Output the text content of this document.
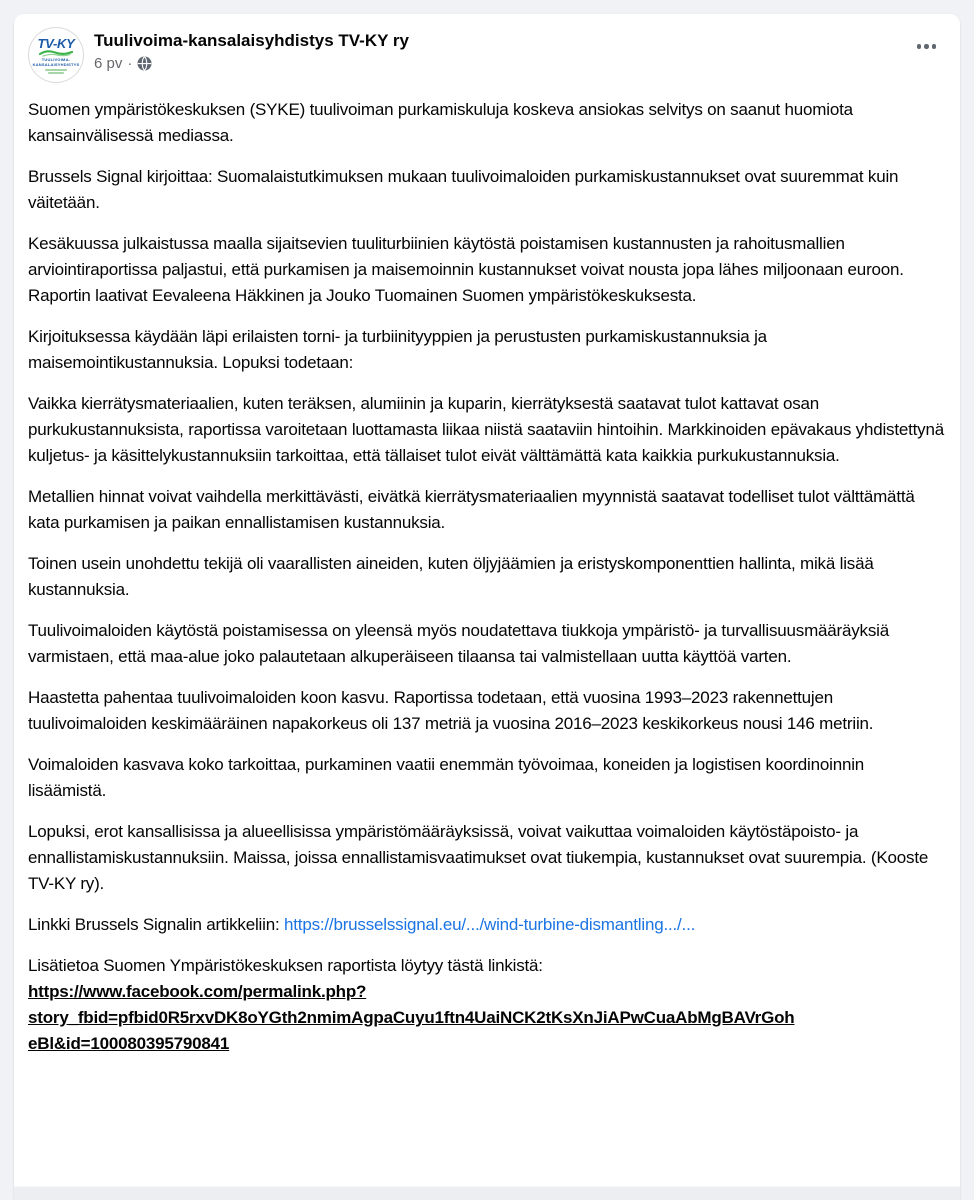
TV-KY
TUULIVOIMA-
KANSALAISYHDISTYS
Tuulivoima-kansalaisyhdistys TV-KY ry
6 pv ·

Suomen ympäristökeskuksen (SYKE) tuulivoiman purkamiskuluja koskeva ansiokas selvitys on saanut huomiota kansainvälisessä mediassa.

Brussels Signal kirjoittaa: Suomalaistutkimuksen mukaan tuulivoimaloiden purkamiskustannukset ovat suuremmat kuin väitetään.

Kesäkuussa julkaistussa maalla sijaitsevien tuuliturbiinien käytöstä poistamisen kustannusten ja rahoitusmallien arviointiraportissa paljastui, että purkamisen ja maisemoinnin kustannukset voivat nousta jopa lähes miljoonaan euroon. Raportin laativat Eevaleena Häkkinen ja Jouko Tuomainen Suomen ympäristökeskuksesta.

Kirjoituksessa käydään läpi erilaisten torni- ja turbiinityyppien ja perustusten purkamiskustannuksia ja maisemointikustannuksia. Lopuksi todetaan:

Vaikka kierrätysmateriaalien, kuten teräksen, alumiinin ja kuparin, kierrätyksestä saatavat tulot kattavat osan purkukustannuksista, raportissa varoitetaan luottamasta liikaa niistä saataviin hintoihin. Markkinoiden epävakaus yhdistettynä kuljetus- ja käsittelykustannuksiin tarkoittaa, että tällaiset tulot eivät välttämättä kata kaikkia purkukustannuksia.

Metallien hinnat voivat vaihdella merkittävästi, eivätkä kierrätysmateriaalien myynnistä saatavat todelliset tulot välttämättä kata purkamisen ja paikan ennallistamisen kustannuksia.

Toinen usein unohdettu tekijä oli vaarallisten aineiden, kuten öljyjäämien ja eristyskomponenttien hallinta, mikä lisää kustannuksia.

Tuulivoimaloiden käytöstä poistamisessa on yleensä myös noudatettava tiukkoja ympäristö- ja turvallisuusmääräyksiä varmistaen, että maa-alue joko palautetaan alkuperäiseen tilaansa tai valmistellaan uutta käyttöä varten.

Haastetta pahentaa tuulivoimaloiden koon kasvu. Raportissa todetaan, että vuosina 1993–2023 rakennettujen tuulivoimaloiden keskimääräinen napakorkeus oli 137 metriä ja vuosina 2016–2023 keskikorkeus nousi 146 metriin.

Voimaloiden kasvava koko tarkoittaa, purkaminen vaatii enemmän työvoimaa, koneiden ja logistisen koordinoinnin lisäämistä.

Lopuksi, erot kansallisissa ja alueellisissa ympäristömääräyksissä, voivat vaikuttaa voimaloiden käytöstäpoisto- ja ennallistamiskustannuksiin. Maissa, joissa ennallistamisvaatimukset ovat tiukempia, kustannukset ovat suurempia. (Kooste TV-KY ry).

Linkki Brussels Signalin artikkeliin: https://brusselssignal.eu/.../wind-turbine-dismantling.../...

Lisätietoa Suomen Ympäristökeskuksen raportista löytyy tästä linkistä:
https://www.facebook.com/permalink.php?
story_fbid=pfbid0R5rxvDK8oYGth2nmimAgpaCuyu1ftn4UaiNCK2tKsXnJiAPwCuaAbMgBAVrGoh
eBl&id=100080395790841
